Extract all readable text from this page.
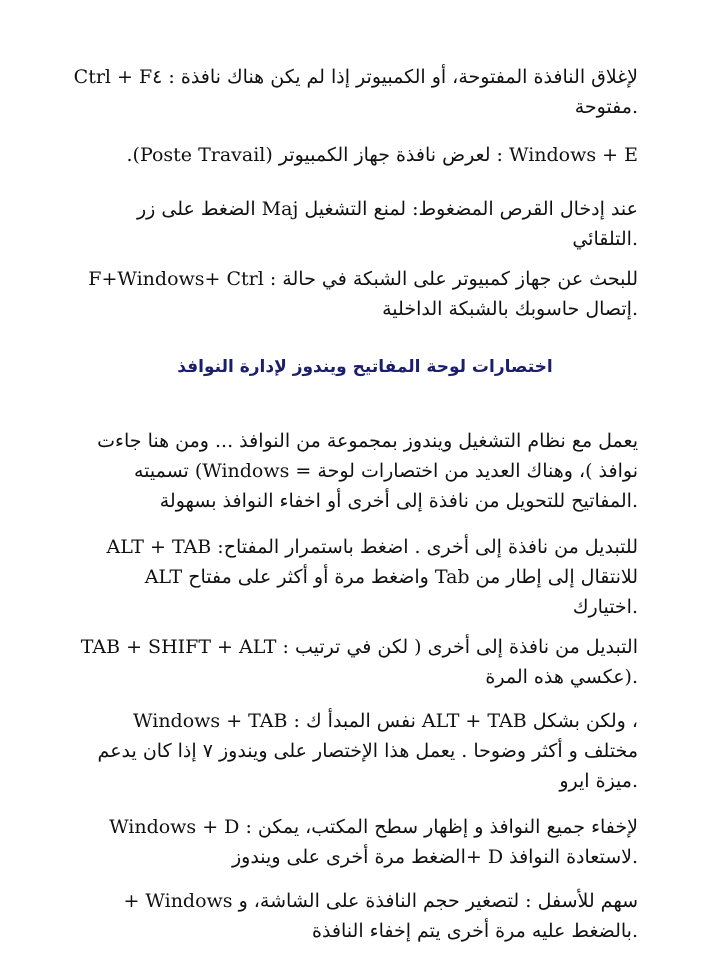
لإغلاق النافذة المفتوحة، أو الكمبيوتر إذا لم يكن هناك نافذة : Ctrl + F٤
.مفتوحة
Windows + E : لعرض نافذة جهاز الكمبيوتر (Poste Travail).
عند إدخال القرص المضغوط: لمنع التشغيل Maj الضغط على زر
.التلقائي
للبحث عن جهاز كمبيوتر على الشبكة في حالة : F+Windows+ Ctrl
.إتصال حاسوبك بالشبكة الداخلية
اختصارات لوحة المفاتيح ويندوز لإدارة النوافذ
يعمل مع نظام التشغيل ويندوز بمجموعة من النوافذ ... ومن هنا جاءت
نوافذ )، وهناك العديد من اختصارات لوحة = Windows) تسميته
.المفاتيح للتحويل من نافذة إلى أخرى أو اخفاء النوافذ بسهولة
للتبديل من نافذة إلى أخرى . اضغط باستمرار المفتاح: ALT + TAB
للانتقال إلى إطار من Tab واضغط مرة أو أكثر على مفتاح ALT
.اختيارك
التبديل من نافذة إلى أخرى ( لكن في ترتيب : TAB + SHIFT + ALT
.(عكسي هذه المرة
، ولكن بشكل ALT + TAB نفس المبدأ ك : Windows + TAB
مختلف و أكثر وضوحا . يعمل هذا الإختصار على ويندوز ٧ إذا كان يدعم
.ميزة ايرو
لإخفاء جميع النوافذ و إظهار سطح المكتب، يمكن : Windows + D
.لاستعادة النوافذ D +الضغط مرة أخرى على ويندوز
سهم للأسفل : لتصغير حجم النافذة على الشاشة، و Windows +
.بالضغط عليه مرة أخرى يتم إخفاء النافذة
